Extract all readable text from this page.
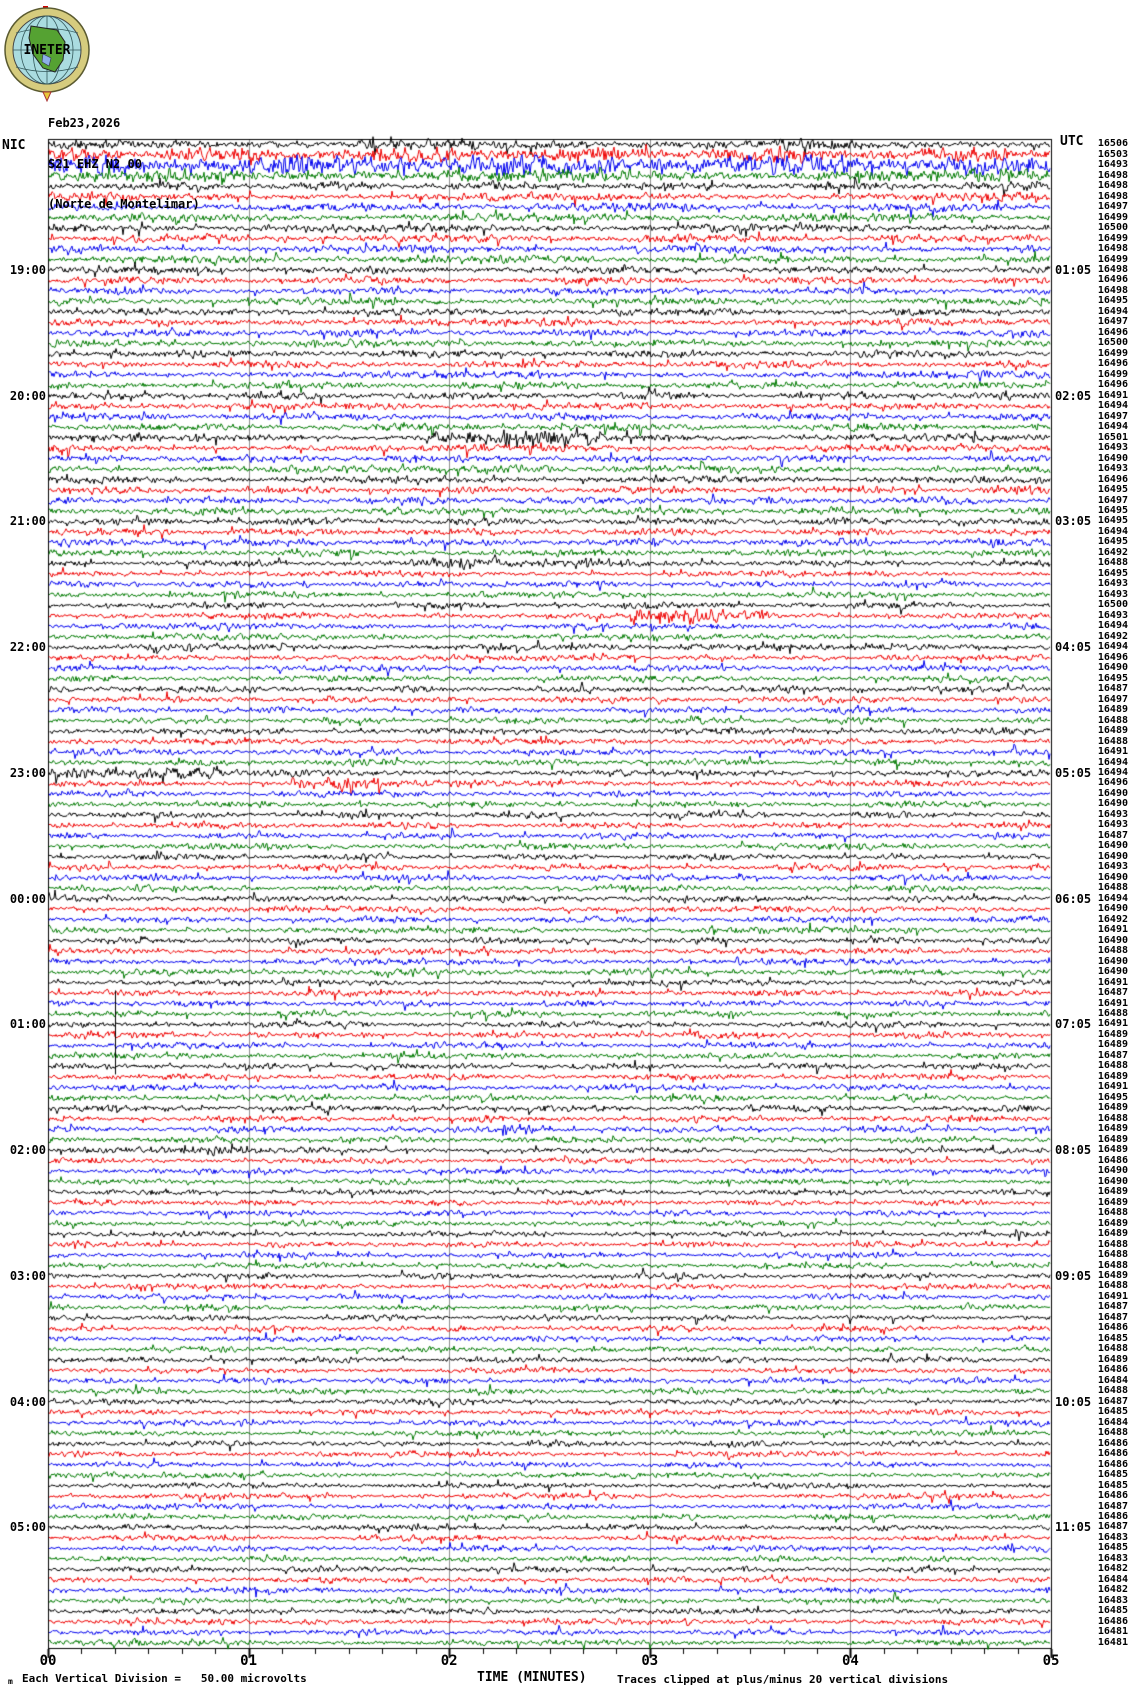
INETER

Feb23,2026

S21 EHZ N2 00

(Norte de Montelimar)

NIC	UTC
19:00
20:00
21:00
22:00
23:00
00:00
01:00
02:00
03:00
04:00
05:00
01:05
02:05
03:05
04:05
05:05
06:05
07:05
08:05
09:05
10:05
11:05
16506
16503
16493
16498
16498
16498
16497
16499
16500
16499
16498
16499
16498
16496
16498
16495
16494
16497
16496
16500
16499
16496
16499
16496
16491
16494
16497
16494
16501
16493
16490
16493
16496
16495
16497
16495
16495
16494
16495
16492
16488
16495
16493
16493
16500
16493
16494
16492
16494
16496
16490
16495
16487
16497
16489
16488
16489
16488
16491
16494
16494
16496
16490
16490
16493
16493
16487
16490
16490
16493
16490
16488
16494
16490
16492
16491
16490
16488
16490
16490
16491
16487
16491
16488
16491
16489
16489
16487
16488
16489
16491
16495
16489
16488
16489
16489
16489
16486
16490
16490
16489
16489
16488
16489
16489
16488
16488
16488
16489
16488
16491
16487
16487
16486
16485
16488
16489
16486
16484
16488
16487
16485
16484
16488
16486
16486
16486
16485
16485
16486
16487
16486
16487
16483
16485
16483
16482
16484
16482
16483
16485
16486
16481
16481
00	01	02	03	04	05
m Each Vertical Division = 50.00 microvolts	TIME (MINUTES)	Traces clipped at plus/minus 20 vertical divisions
